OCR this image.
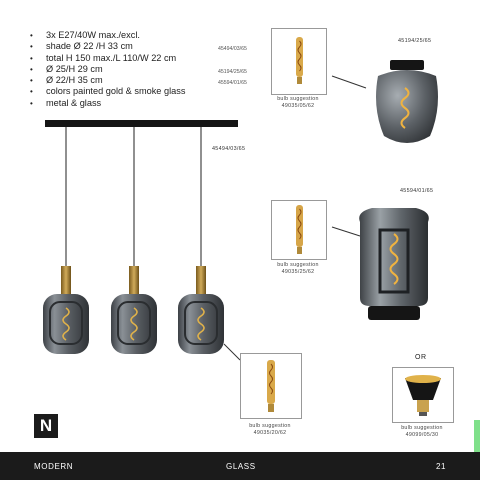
• 3x E27/40W max./excl.
• shade Ø 22 /H 33 cm
• total H 150 max./L 110/W 22 cm
• Ø 25/H 29 cm
• Ø 22/H 35 cm
• colors painted gold & smoke glass
• metal & glass
45494/03/65
45194/25/65
45594/01/65
45494/03/65
bulb suggestion
49035/05/62
45194/25/65
bulb suggestion
49035/25/62
45594/01/65
bulb suggestion
49035/20/62
OR
bulb suggestion
49099/05/30
N
MODERN	GLASS	21
